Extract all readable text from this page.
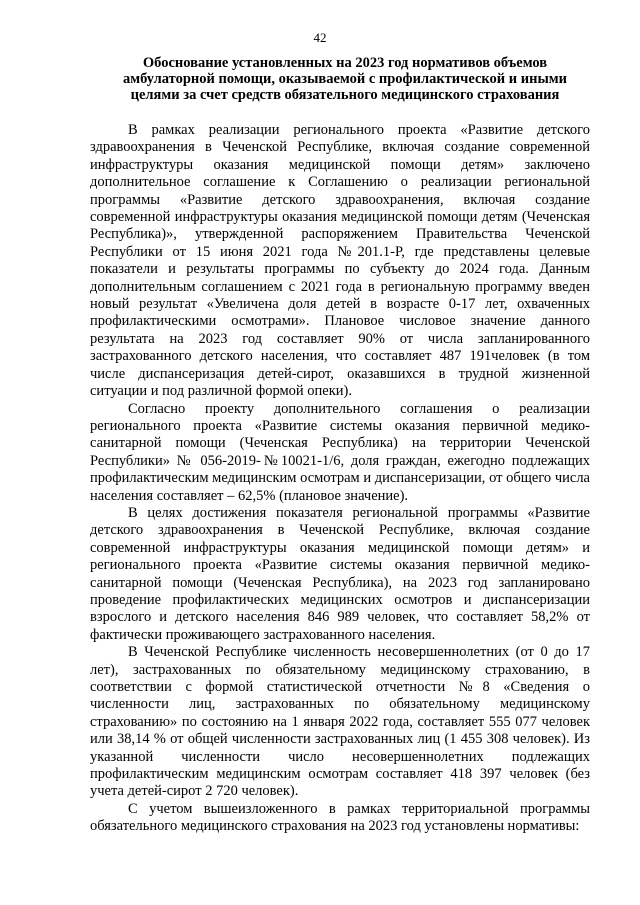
42
Обоснование установленных на 2023 год нормативов объемов амбулаторной помощи, оказываемой с профилактической и иными целями за счет средств обязательного медицинского страхования

В рамках реализации регионального проекта «Развитие детского здравоохранения в Чеченской Республике, включая создание современной инфраструктуры оказания медицинской помощи детям» заключено дополнительное соглашение к Соглашению о реализации региональной программы «Развитие детского здравоохранения, включая создание современной инфраструктуры оказания медицинской помощи детям (Чеченская Республика)», утвержденной распоряжением Правительства Чеченской Республики от 15 июня 2021 года №201.1-Р, где представлены целевые показатели и результаты программы по субъекту до 2024 года. Данным дополнительным соглашением с 2021 года в региональную программу введен новый результат «Увеличена доля детей в возрасте 0-17 лет, охваченных профилактическими осмотрами». Плановое числовое значение данного результата на 2023 год составляет 90% от числа запланированного застрахованного детского населения, что составляет 487 191человек (в том числе диспансеризация детей-сирот, оказавшихся в трудной жизненной ситуации и под различной формой опеки).

Согласно проекту дополнительного соглашения о реализации регионального проекта «Развитие системы оказания первичной медико-санитарной помощи (Чеченская Республика) на территории Чеченской Республики» № 056-2019-№10021-1/6, доля граждан, ежегодно подлежащих профилактическим медицинским осмотрам и диспансеризации, от общего числа населения составляет – 62,5% (плановое значение).

В целях достижения показателя региональной программы «Развитие детского здравоохранения в Чеченской Республике, включая создание современной инфраструктуры оказания медицинской помощи детям» и регионального проекта «Развитие системы оказания первичной медико-санитарной помощи (Чеченская Республика), на 2023 год запланировано проведение профилактических медицинских осмотров и диспансеризации взрослого и детского населения 846 989 человек, что составляет 58,2% от фактически проживающего застрахованного населения.

В Чеченской Республике численность несовершеннолетних (от 0 до 17 лет), застрахованных по обязательному медицинскому страхованию, в соответствии с формой статистической отчетности №8 «Сведения о численности лиц, застрахованных по обязательному медицинскому страхованию» по состоянию на 1 января 2022 года, составляет 555 077 человек или 38,14 % от общей численности застрахованных лиц (1 455 308 человек). Из указанной численности число несовершеннолетних подлежащих профилактическим медицинским осмотрам составляет 418 397 человек (без учета детей-сирот 2 720 человек).

С учетом вышеизложенного в рамках территориальной программы обязательного медицинского страхования на 2023 год установлены нормативы:
